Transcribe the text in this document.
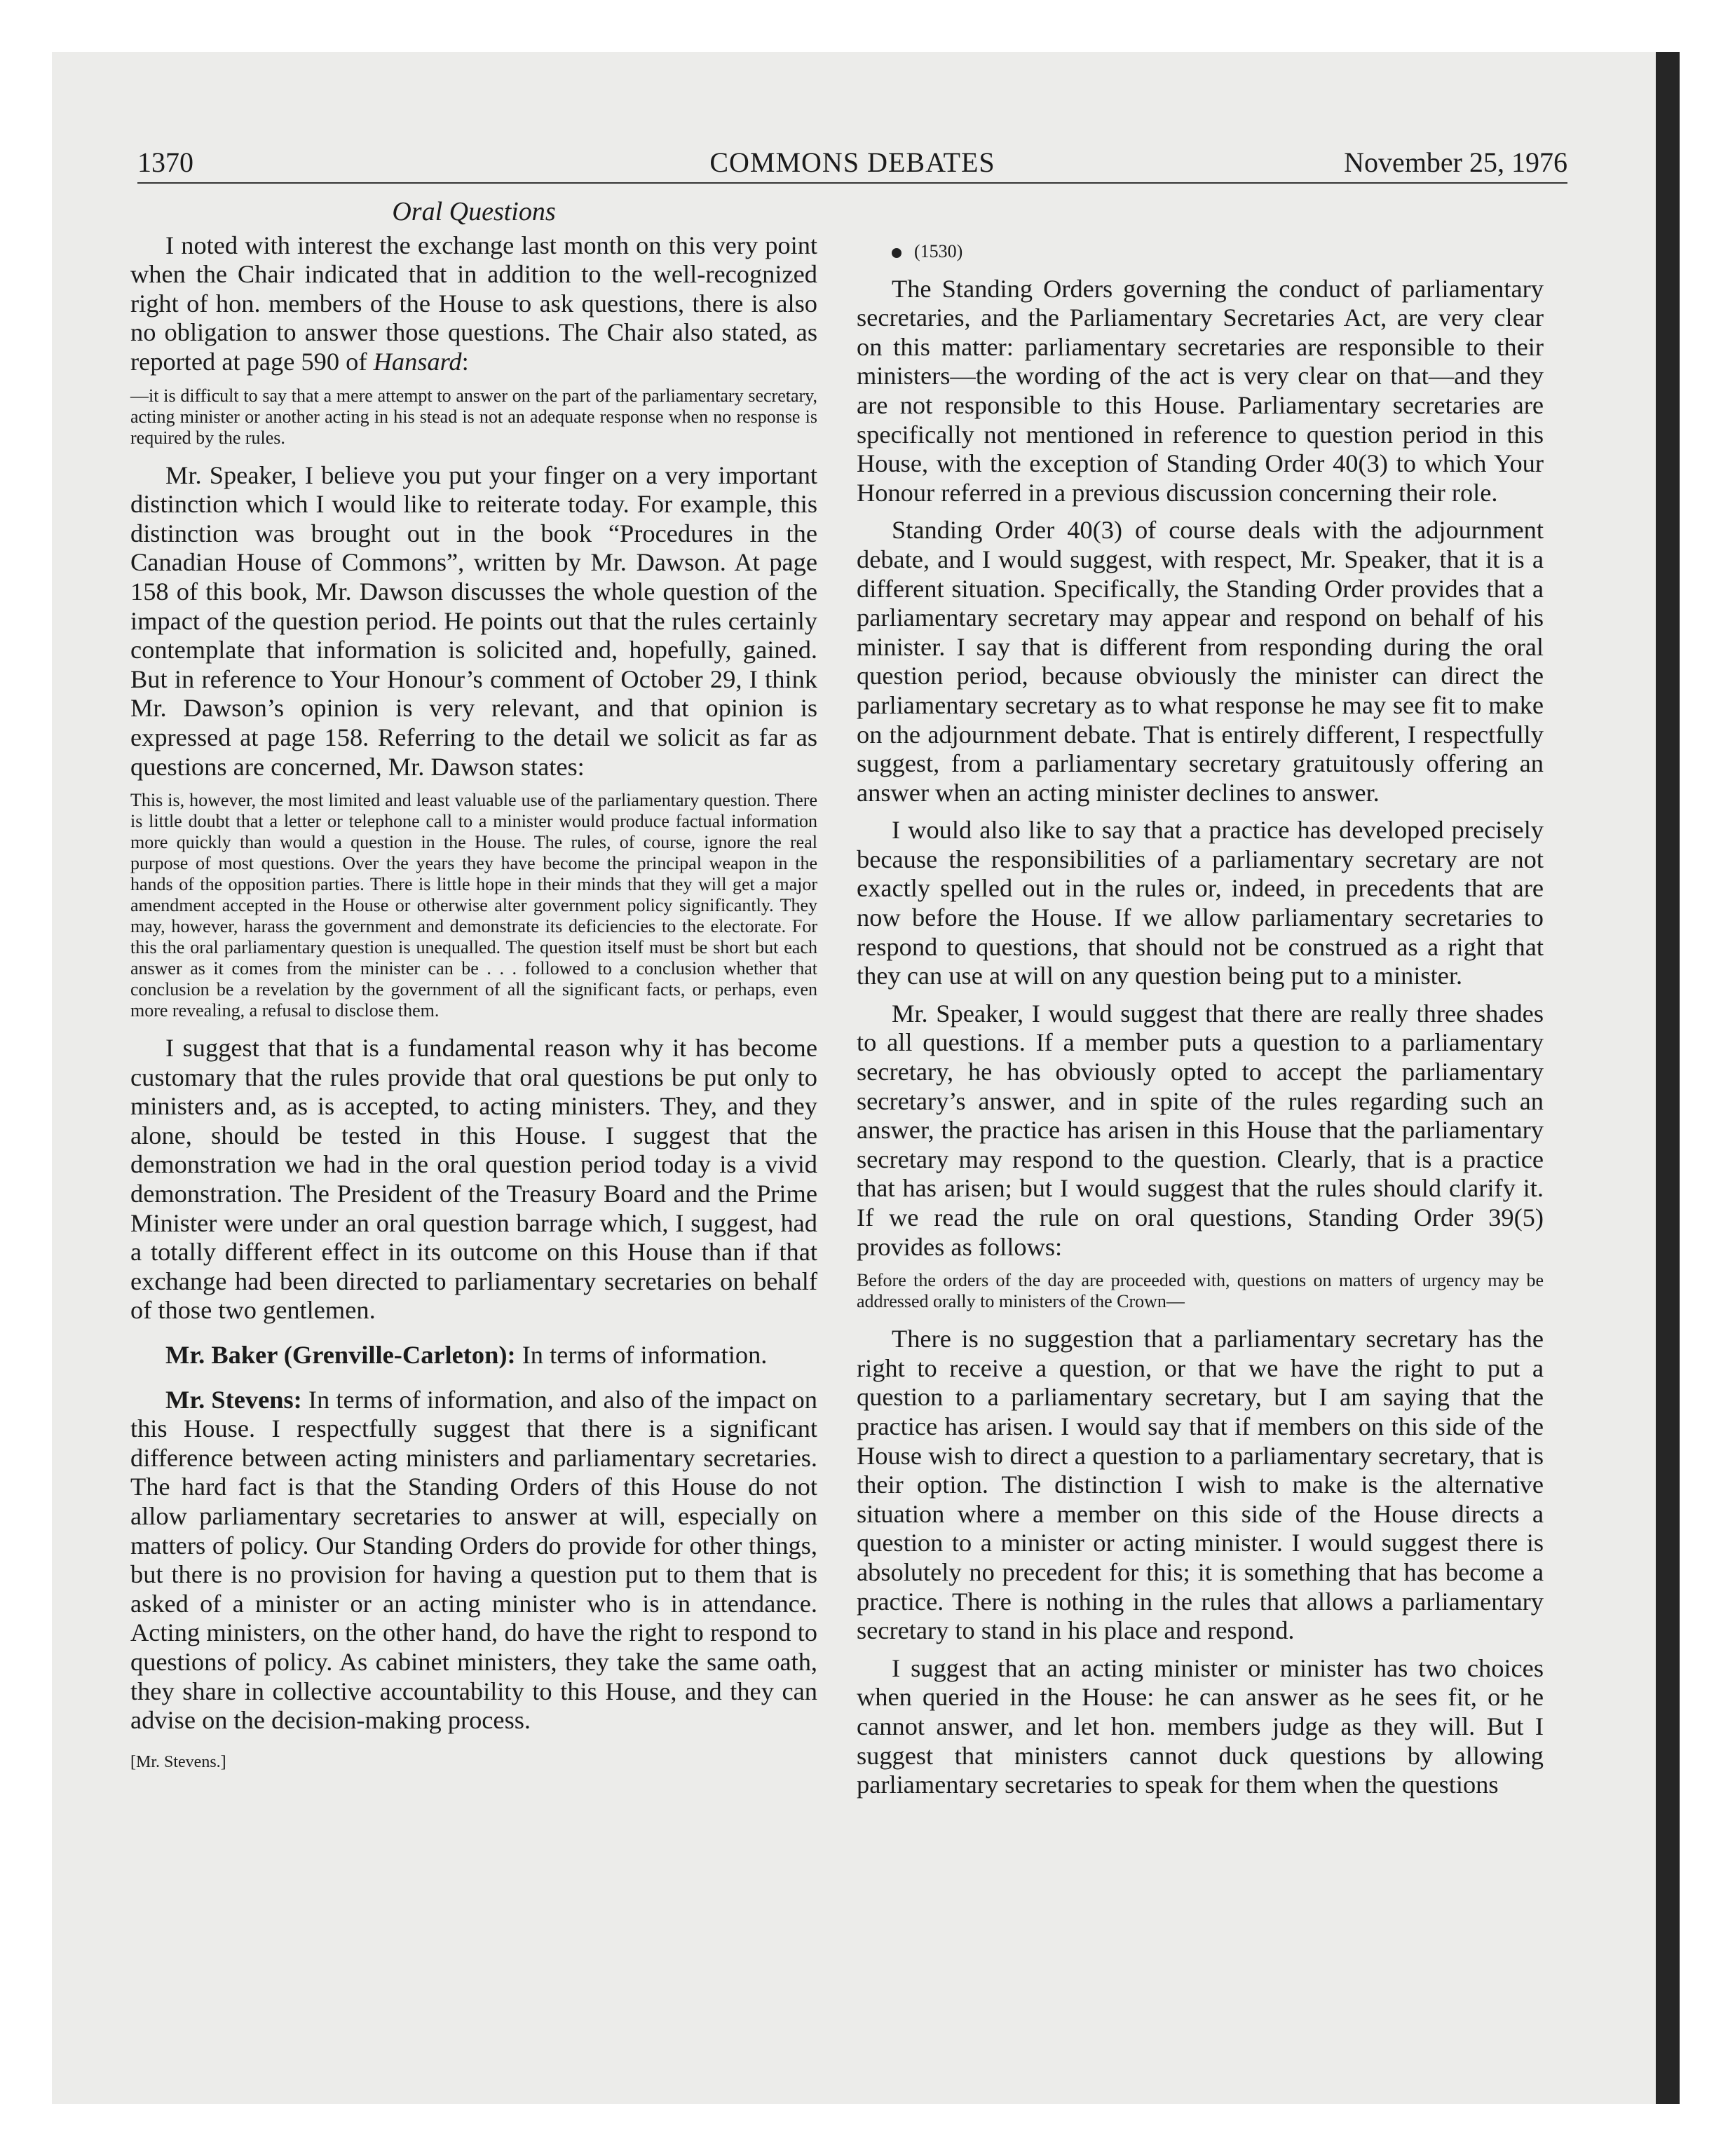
1370	COMMONS DEBATES	November 25, 1976
Oral Questions

I noted with interest the exchange last month on this very point when the Chair indicated that in addition to the well-recognized right of hon. members of the House to ask questions, there is also no obligation to answer those questions. The Chair also stated, as reported at page 590 of Hansard:

—it is difficult to say that a mere attempt to answer on the part of the parliamentary secretary, acting minister or another acting in his stead is not an adequate response when no response is required by the rules.

Mr. Speaker, I believe you put your finger on a very important distinction which I would like to reiterate today. For example, this distinction was brought out in the book “Procedures in the Canadian House of Commons”, written by Mr. Dawson. At page 158 of this book, Mr. Dawson discusses the whole question of the impact of the question period. He points out that the rules certainly contemplate that information is solicited and, hopefully, gained. But in reference to Your Honour’s comment of October 29, I think Mr. Dawson’s opinion is very relevant, and that opinion is expressed at page 158. Referring to the detail we solicit as far as questions are concerned, Mr. Dawson states:

This is, however, the most limited and least valuable use of the parliamentary question. There is little doubt that a letter or telephone call to a minister would produce factual information more quickly than would a question in the House. The rules, of course, ignore the real purpose of most questions. Over the years they have become the principal weapon in the hands of the opposition parties. There is little hope in their minds that they will get a major amendment accepted in the House or otherwise alter government policy significantly. They may, however, harass the government and demonstrate its deficiencies to the electorate. For this the oral parliamentary question is unequalled. The question itself must be short but each answer as it comes from the minister can be . . . followed to a conclusion whether that conclusion be a revelation by the government of all the significant facts, or perhaps, even more revealing, a refusal to disclose them.

I suggest that that is a fundamental reason why it has become customary that the rules provide that oral questions be put only to ministers and, as is accepted, to acting ministers. They, and they alone, should be tested in this House. I suggest that the demonstration we had in the oral question period today is a vivid demonstration. The President of the Treasury Board and the Prime Minister were under an oral question barrage which, I suggest, had a totally different effect in its outcome on this House than if that exchange had been directed to parliamentary secretaries on behalf of those two gentlemen.

Mr. Baker (Grenville-Carleton): In terms of information.

Mr. Stevens: In terms of information, and also of the impact on this House. I respectfully suggest that there is a significant difference between acting ministers and parliamentary secretaries. The hard fact is that the Standing Orders of this House do not allow parliamentary secretaries to answer at will, especially on matters of policy. Our Standing Orders do provide for other things, but there is no provision for having a question put to them that is asked of a minister or an acting minister who is in attendance. Acting ministers, on the other hand, do have the right to respond to questions of policy. As cabinet ministers, they take the same oath, they share in collective accountability to this House, and they can advise on the decision-making process.

[Mr. Stevens.]

(1530)

The Standing Orders governing the conduct of parliamentary secretaries, and the Parliamentary Secretaries Act, are very clear on this matter: parliamentary secretaries are responsible to their ministers—the wording of the act is very clear on that—and they are not responsible to this House. Parliamentary secretaries are specifically not mentioned in reference to question period in this House, with the exception of Standing Order 40(3) to which Your Honour referred in a previous discussion concerning their role.

Standing Order 40(3) of course deals with the adjournment debate, and I would suggest, with respect, Mr. Speaker, that it is a different situation. Specifically, the Standing Order provides that a parliamentary secretary may appear and respond on behalf of his minister. I say that is different from responding during the oral question period, because obviously the minister can direct the parliamentary secretary as to what response he may see fit to make on the adjournment debate. That is entirely different, I respectfully suggest, from a parliamentary secretary gratuitously offering an answer when an acting minister declines to answer.

I would also like to say that a practice has developed precisely because the responsibilities of a parliamentary secretary are not exactly spelled out in the rules or, indeed, in precedents that are now before the House. If we allow parliamentary secretaries to respond to questions, that should not be construed as a right that they can use at will on any question being put to a minister.

Mr. Speaker, I would suggest that there are really three shades to all questions. If a member puts a question to a parliamentary secretary, he has obviously opted to accept the parliamentary secretary’s answer, and in spite of the rules regarding such an answer, the practice has arisen in this House that the parliamentary secretary may respond to the question. Clearly, that is a practice that has arisen; but I would suggest that the rules should clarify it. If we read the rule on oral questions, Standing Order 39(5) provides as follows:

Before the orders of the day are proceeded with, questions on matters of urgency may be addressed orally to ministers of the Crown—

There is no suggestion that a parliamentary secretary has the right to receive a question, or that we have the right to put a question to a parliamentary secretary, but I am saying that the practice has arisen. I would say that if members on this side of the House wish to direct a question to a parliamentary secretary, that is their option. The distinction I wish to make is the alternative situation where a member on this side of the House directs a question to a minister or acting minister. I would suggest there is absolutely no precedent for this; it is something that has become a practice. There is nothing in the rules that allows a parliamentary secretary to stand in his place and respond.

I suggest that an acting minister or minister has two choices when queried in the House: he can answer as he sees fit, or he cannot answer, and let hon. members judge as they will. But I suggest that ministers cannot duck questions by allowing parliamentary secretaries to speak for them when the questions
